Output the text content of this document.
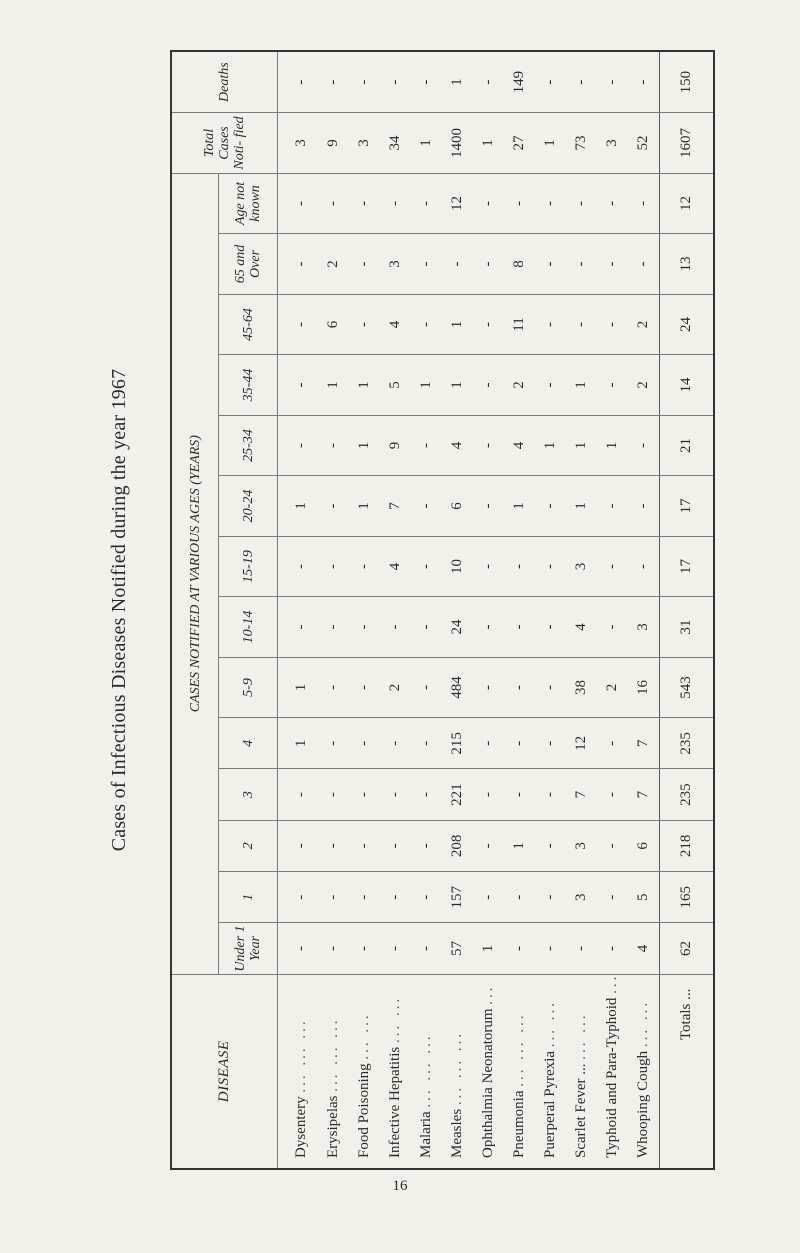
Cases of Infectious Diseases Notified during the year 1967
DISEASE	CASES NOTIFIED AT VARIOUS AGES (YEARS)														Total Cases Noti- fied	Deaths
	Under 1 Year	1	2	3	4	5-9	10-14	15-19	20-24	25-34	35-44	45-64	65 and Over	Age not known		
Dysentery ... ... ...	-	-	-	-	1	1	-	-	1	-	-	-	-	-	3	-
Erysipelas ... ... ...	-	-	-	-	-	-	-	-	-	-	1	6	2	-	9	-
Food Poisoning ... ...	-	-	-	-	-	-	-	-	1	1	1	-	-	-	3	-
Infective Hepatitis ... ...	-	-	-	-	-	2	-	4	7	9	5	4	3	-	34	-
Malaria ... ... ...	-	-	-	-	-	-	-	-	-	-	1	-	-	-	1	-
Measles ... ... ...	57	157	208	221	215	484	24	10	6	4	1	1	-	12	1400	1
Ophthalmia Neonatorum ...	1	-	-	-	-	-	-	-	-	-	-	-	-	-	1	-
Pneumonia ... ... ...	-	-	1	-	-	-	-	-	1	4	2	11	8	-	27	149
Puerperal Pyrexia ... ...	-	-	-	-	-	-	-	-	-	1	-	-	-	-	1	-
Scarlet Fever ... ... ...	-	3	3	7	12	38	4	3	1	1	1	-	-	-	73	-
Typhoid and Para-Typhoid ...	-	-	-	-	-	2	-	-	-	1	-	-	-	-	3	-
Whooping Cough ... ...	4	5	6	7	7	16	3	-	-	-	2	2	-	-	52	-
Totals ...	62	165	218	235	235	543	31	17	17	21	14	24	13	12	1607	150
16
